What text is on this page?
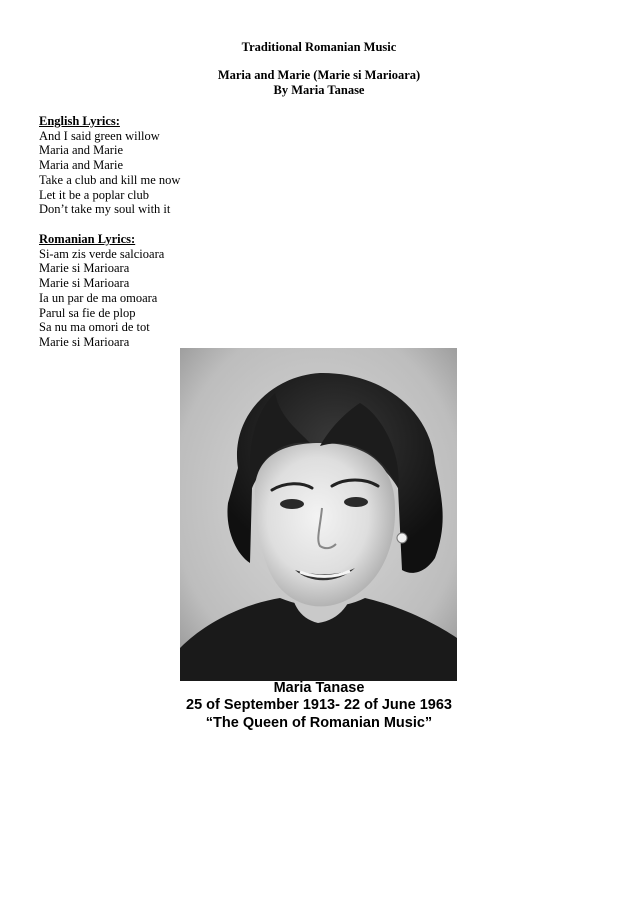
Traditional Romanian Music
Maria and Marie (Marie si Marioara)
By Maria Tanase
English Lyrics:
And I said green willow
Maria and Marie
Maria and Marie
Take a club and kill me now
Let it be a poplar club
Don’t take my soul with it
Romanian Lyrics:
Si-am zis verde salcioara
Marie si Marioara
Marie si Marioara
Ia un par de ma omoara
Parul sa fie de plop
Sa nu ma omori de tot
Marie si Marioara
Maria Tanase
25 of September 1913- 22 of June 1963
“The Queen of Romanian Music”
